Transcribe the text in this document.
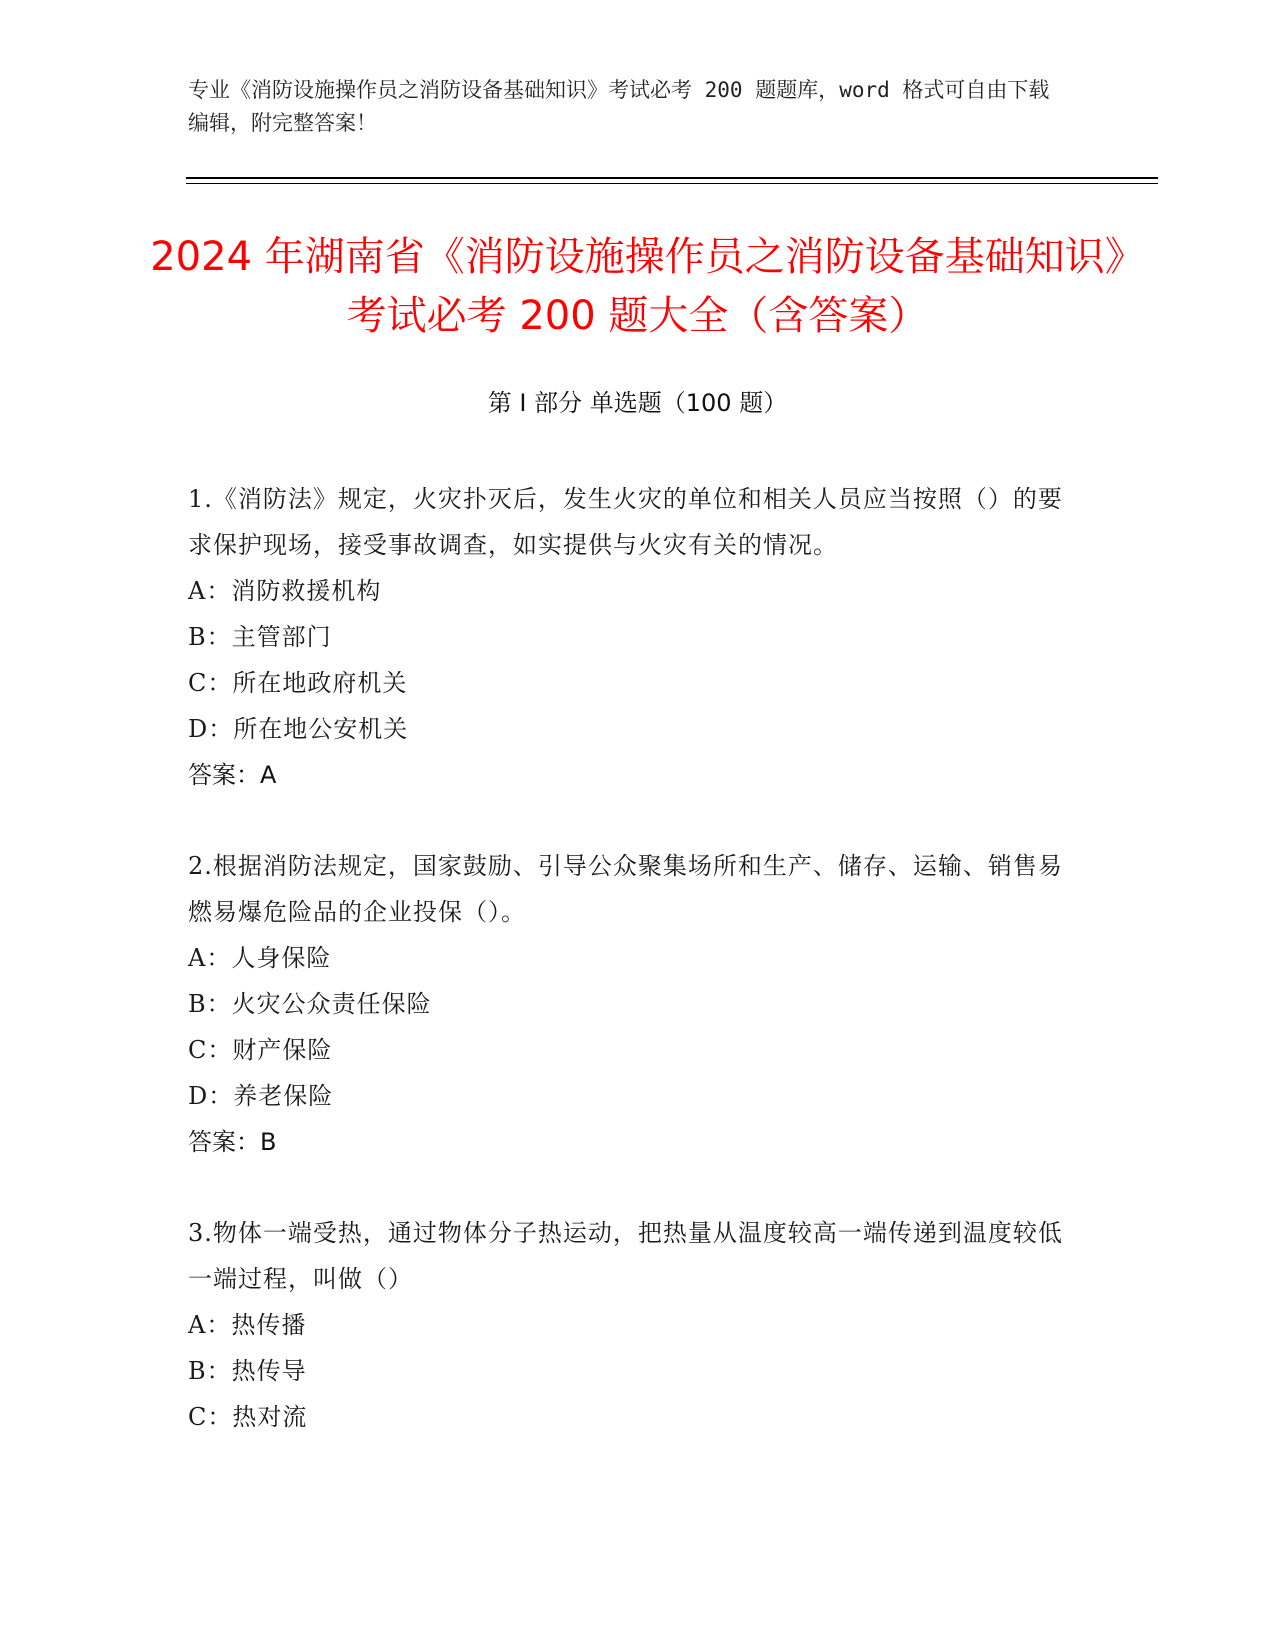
专业《消防设施操作员之消防设备基础知识》考试必考 200 题题库，word 格式可自由下载编辑，附完整答案！
2024 年湖南省《消防设施操作员之消防设备基础知识》考试必考 200 题大全（含答案）
第 I 部分 单选题（100 题）
1.《消防法》规定，火灾扑灭后，发生火灾的单位和相关人员应当按照（）的要求保护现场，接受事故调查，如实提供与火灾有关的情况。
A：消防救援机构
B：主管部门
C：所在地政府机关
D：所在地公安机关
答案：A
2.根据消防法规定，国家鼓励、引导公众聚集场所和生产、储存、运输、销售易燃易爆危险品的企业投保（）。
A：人身保险
B：火灾公众责任保险
C：财产保险
D：养老保险
答案：B
3.物体一端受热，通过物体分子热运动，把热量从温度较高一端传递到温度较低一端过程，叫做（）
A：热传播
B：热传导
C：热对流
